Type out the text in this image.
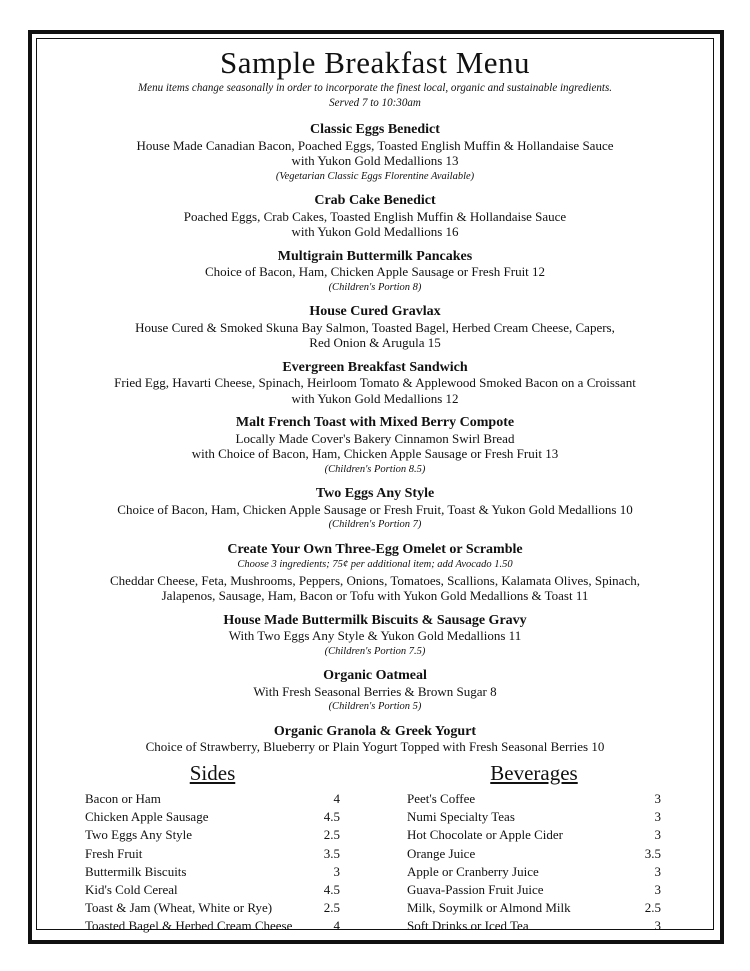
Sample Breakfast Menu
Menu items change seasonally in order to incorporate the finest local, organic and sustainable ingredients.
Served 7 to 10:30am
Classic Eggs Benedict
House Made Canadian Bacon, Poached Eggs, Toasted English Muffin & Hollandaise Sauce
with Yukon Gold Medallions 13
(Vegetarian Classic Eggs Florentine Available)
Crab Cake Benedict
Poached Eggs, Crab Cakes, Toasted English Muffin & Hollandaise Sauce
with Yukon Gold Medallions 16
Multigrain Buttermilk Pancakes
Choice of Bacon, Ham, Chicken Apple Sausage or Fresh Fruit 12
(Children's Portion 8)
House Cured Gravlax
House Cured & Smoked Skuna Bay Salmon, Toasted Bagel, Herbed Cream Cheese, Capers,
Red Onion & Arugula 15
Evergreen Breakfast Sandwich
Fried Egg, Havarti Cheese, Spinach, Heirloom Tomato & Applewood Smoked Bacon on a Croissant
with Yukon Gold Medallions 12
Malt French Toast with Mixed Berry Compote
Locally Made Cover's Bakery Cinnamon Swirl Bread
with Choice of Bacon, Ham, Chicken Apple Sausage or Fresh Fruit 13
(Children's Portion 8.5)
Two Eggs Any Style
Choice of Bacon, Ham, Chicken Apple Sausage or Fresh Fruit, Toast & Yukon Gold Medallions 10
(Children's Portion 7)
Create Your Own Three-Egg Omelet or Scramble
Choose 3 ingredients; 75¢ per additional item; add Avocado 1.50
Cheddar Cheese, Feta, Mushrooms, Peppers, Onions, Tomatoes, Scallions, Kalamata Olives, Spinach,
Jalapenos, Sausage, Ham, Bacon or Tofu with Yukon Gold Medallions & Toast 11
House Made Buttermilk Biscuits & Sausage Gravy
With Two Eggs Any Style & Yukon Gold Medallions 11
(Children's Portion 7.5)
Organic Oatmeal
With Fresh Seasonal Berries & Brown Sugar 8
(Children's Portion 5)
Organic Granola & Greek Yogurt
Choice of Strawberry, Blueberry or Plain Yogurt Topped with Fresh Seasonal Berries 10
Sides
Bacon or Ham	4
Chicken Apple Sausage	4.5
Two Eggs Any Style	2.5
Fresh Fruit	3.5
Buttermilk Biscuits	3
Kid's Cold Cereal	4.5
Toast & Jam (Wheat, White or Rye)	2.5
Toasted Bagel & Herbed Cream Cheese	4
Beverages
Peet's Coffee	3
Numi Specialty Teas	3
Hot Chocolate or Apple Cider	3
Orange Juice	3.5
Apple or Cranberry Juice	3
Guava-Passion Fruit Juice	3
Milk, Soymilk or Almond Milk	2.5
Soft Drinks or Iced Tea	3
